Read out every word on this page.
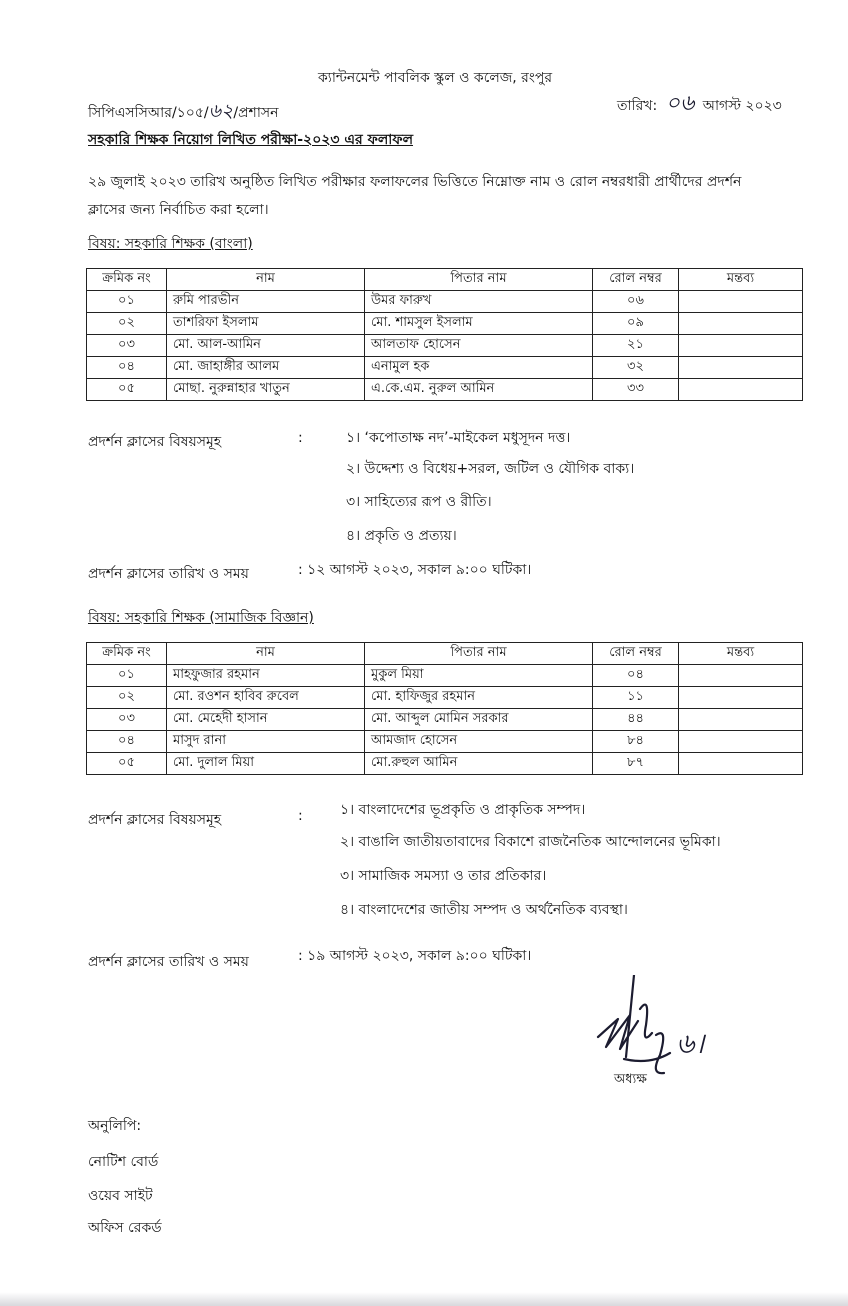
ক্যান্টনমেন্ট পাবলিক স্কুল ও কলেজ, রংপুর
সিপিএসসিআর/১০৫/৬২/প্রশাসন	তারিখ: ০৬ আগস্ট ২০২৩
সহকারি শিক্ষক নিয়োগ লিখিত পরীক্ষা-২০২৩ এর ফলাফল
২৯ জুলাই ২০২৩ তারিখ অনুষ্ঠিত লিখিত পরীক্ষার ফলাফলের ভিত্তিতে নিম্নোক্ত নাম ও রোল নম্বরধারী প্রার্থীদের প্রদর্শন
ক্লাসের জন্য নির্বাচিত করা হলো।
বিষয়: সহকারি শিক্ষক (বাংলা)
ক্রমিক নং	নাম	পিতার নাম	রোল নম্বর	মন্তব্য
০১	রুমি পারভীন	উমর ফারুখ	০৬	
০২	তাশরিফা ইসলাম	মো. শামসুল ইসলাম	০৯	
০৩	মো. আল-আমিন	আলতাফ হোসেন	২১	
০৪	মো. জাহাঙ্গীর আলম	এনামুল হক	৩২	
০৫	মোছা. নুরুন্নাহার খাতুন	এ.কে.এম. নুরুল আমিন	৩৩	
প্রদর্শন ক্লাসের বিষয়সমূহ	:	১। ‘কপোতাক্ষ নদ’-মাইকেল মধুসূদন দত্ত।
২। উদ্দেশ্য ও বিধেয়+সরল, জটিল ও যৌগিক বাক্য।
৩। সাহিত্যের রূপ ও রীতি।
৪। প্রকৃতি ও প্রত্যয়।
প্রদর্শন ক্লাসের তারিখ ও সময়	: ১২ আগস্ট ২০২৩, সকাল ৯:০০ ঘটিকা।
বিষয়: সহকারি শিক্ষক (সামাজিক বিজ্ঞান)
ক্রমিক নং	নাম	পিতার নাম	রোল নম্বর	মন্তব্য
০১	মাহফুজার রহমান	মুকুল মিয়া	০৪	
০২	মো. রওশন হাবিব রুবেল	মো. হাফিজুর রহমান	১১	
০৩	মো. মেহেদী হাসান	মো. আব্দুল মোমিন সরকার	৪৪	
০৪	মাসুদ রানা	আমজাদ হোসেন	৮৪	
০৫	মো. দুলাল মিয়া	মো.রুহুল আমিন	৮৭	
প্রদর্শন ক্লাসের বিষয়সমূহ	:	১। বাংলাদেশের ভূপ্রকৃতি ও প্রাকৃতিক সম্পদ।
২। বাঙালি জাতীয়তাবাদের বিকাশে রাজনৈতিক আন্দোলনের ভূমিকা।
৩। সামাজিক সমস্যা ও তার প্রতিকার।
৪। বাংলাদেশের জাতীয় সম্পদ ও অর্থনৈতিক ব্যবস্থা।
প্রদর্শন ক্লাসের তারিখ ও সময়	: ১৯ আগস্ট ২০২৩, সকাল ৯:০০ ঘটিকা।
৬।
অধ্যক্ষ
অনুলিপি:
নোটিশ বোর্ড
ওয়েব সাইট
অফিস রেকর্ড
